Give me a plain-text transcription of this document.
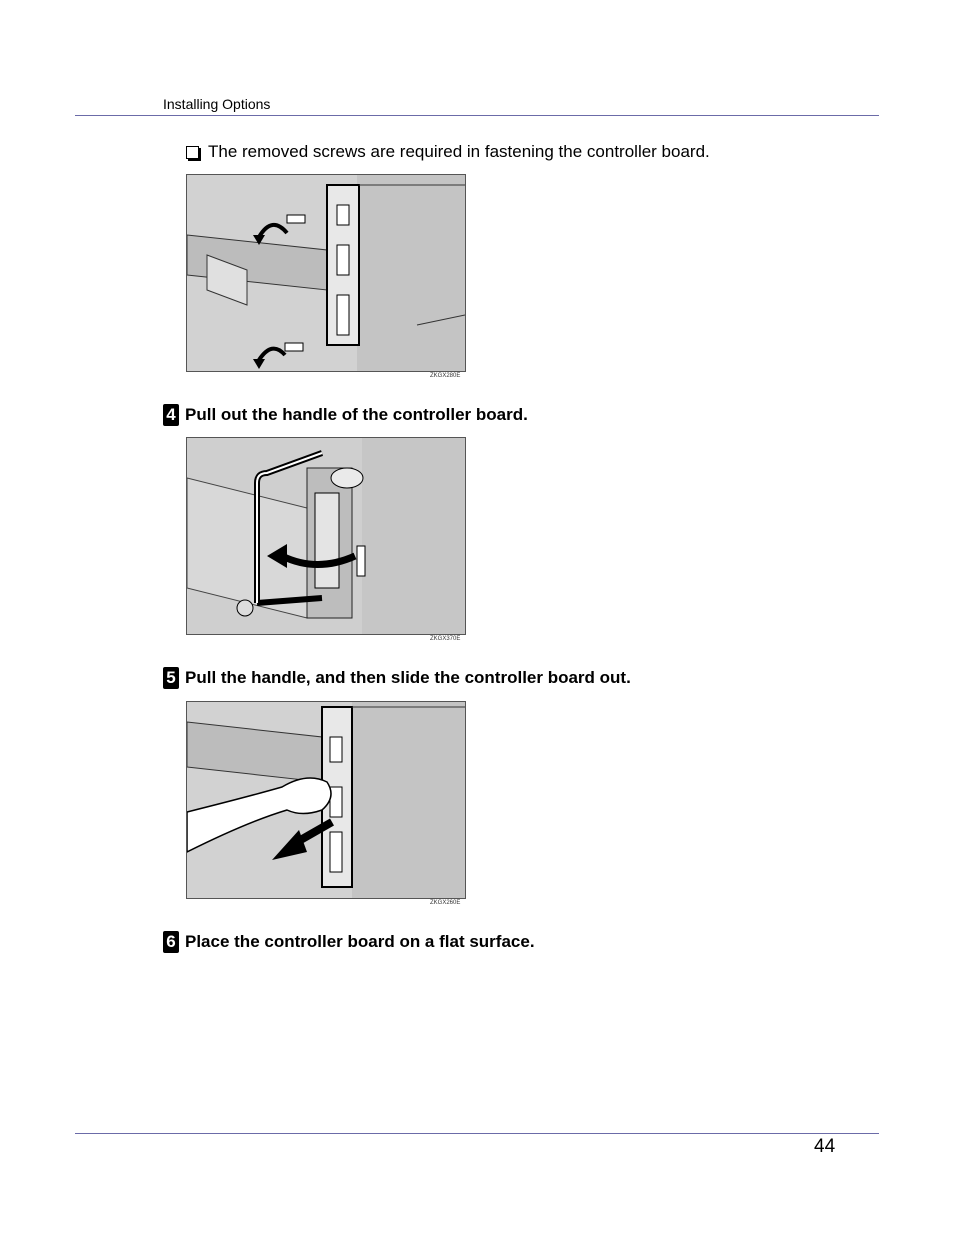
Installing Options
The removed screws are required in fastening the controller board.
ZKGX280E
4 Pull out the handle of the controller board.
ZKGX370E
5 Pull the handle, and then slide the controller board out.
ZKGX260E
6 Place the controller board on a flat surface.
44
